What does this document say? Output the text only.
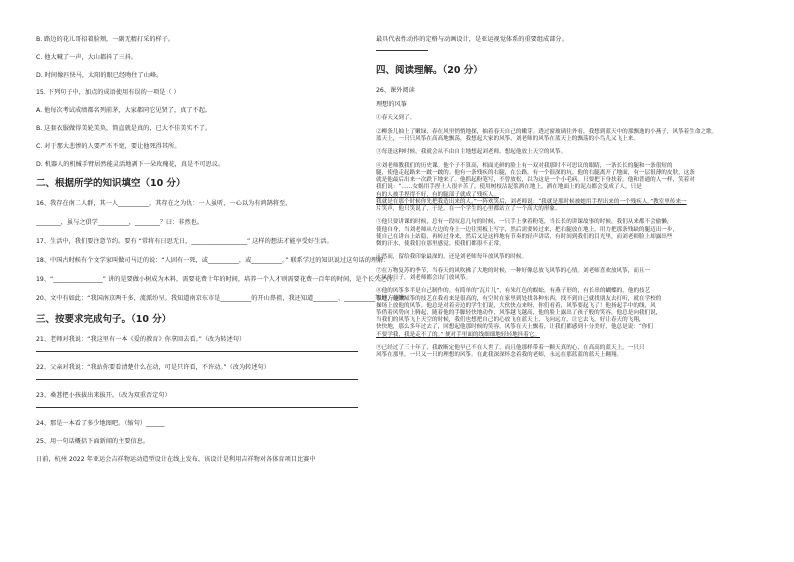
B. 路边的花儿哥招着脸颊，一副无精打采的样子。
C. 他大喊了一声，大山都抖了三抖。
D. 时间像匹快马，太阳的眼已经吻住了山峰。
15. 下列句子中，加点的成语使用有误的一项是（ ）
A. 他每次考试成绩都名列前茅，大家都同它见贤了，真了不起。
B. 这套衣服做得美轮美奂，简直就是真的，已大不佳美实不了。
C. 对于那大悲惨的人要严丕不宽，要让他死得其所。
D. 机器人的机械手臂居然能灵活地剥下一朵玫瑰花，真是不可思议。
二、根据所学的知识填空（10 分）
16、我存在南二人群，其一人__________，其存在之为仇：一人虽听，一心以为有鸿鹄将至，
________，虽与之俱学__________，________？曰：非然也。
17、生活中，我们要注意节约。要有 “常将有日思无日，__________________” 这样的想法才能享受好生活。
18、中国古时候有个文学家叫做司马迁的说：“人固有一死，或__________，或__________。” 联系学过的知识说过这句话的理解：
19、“________________” 讲的是要做小树成为木料，需要花费十年的时间，培养一个人才则需要花费一百年的时间，是个长久之计。
20、文中有如此：“我国南京两千多，流派纷呈。我知道南京东市是__________的开山鼻祖，我还知道________、__________等地方剧种。
三、按要求完成句子。（10 分）
21、老师对我说：“我这里有一本《爱的教育》你拿回去看。”（改为转述句）
22、父亲对我说：“我站你要看清楚什么在动，可是只许看，不许动。”（改为转述句）
23、桑葚把小孩拔出来拔开。（改为双重否定句）
24、那是一本看了多少地图吧。（缩句）______
25、用一句话概括下面新闻的主要信息。
日前，杭州 2022 年亚运会吉祥物运动造型设计在线上发布，该设计是利用吉祥物对各体育项目比赛中
最具代表性动作的定格与动画设计，是亚运视觉体系的重要组成部分。
四、阅读理解。（20 分）
26、课外阅读
理想的风筝
①春天又到了。
②柳条儿抽上了嫩绿，春在风里悄悄地探，抽着春天自己的嫩芽。透过窗玻璃往外看，我想到蓝天中的那飘逸的小燕子，风筝着生命之歌。
蓝天上，一只只风筝在高高地飘荡，我想起大家的风筝，刘老师的风筝在蓝天上的飘荡的小鸟儿又飞上来。
③每逢这种时候，我就会从不由自主地想起刘老师，想起他放上天空的风筝。
④刘老师教我们的历史课。他个子不算高，相面光鲜的脸上有一双对我那时不可思议的眼睛，一条长长的腿和一条很短的
腿，使他走起路来一跛一跛的。他有一条残疾的右腿，在公路，有一个很深的坑。他的右腿离开了地面，有一层很薄的皮肤，这条
就是他最后出来一次跌下地来了。他抓起粉笔写，不曾放松，以为这是一个小毛病。只要把下身扶着。他和普通的人一样，笑着对
我们说：“……女娲用手捏土人很辛苦了，使用树枝沾泥浆洒在地上，洒在地面上的泥点都会变成了人，只是
有的人被手捏得不好，有的腿部子就成了残疾人。
我就是在那个时候你先把我造出来的人。”一阵欢笑后，刘老师说：“我就是那时候被她用手捏出来的一个残疾人。”教室里传来一
片笑声，他只笑说了，于是，在一个学生的心里都站立了一个高大的形象。
⑤他只要讲课的时候，总有一段叹息几句的时候，一只手上拿着粉笔，当长长的讲课故事的时候，我们从来都不会偷懒，
使他自身，当刘老师从左边的身上一边往黑板上写字，然后需要转过来，把右腿放在地上，用力把那条残缺的腿迈出一步，
使自己在讲台上站稳，再转过身来，然后又是这样地有节奏的轻声讲话，有时间到我们的目光里，而刘老师脸上却露出些
微的汗水，使我们在那里感觉。使我们都很不正常，
⑥然而，留给我印象最深的，还是刘老师每年放风筝的时候。
⑦在万物复苏的季节，当春天的风吹拂了大地的时候，一种好像总放飞风筝的心情。刘老师喜欢放风筝，而且一
大风的日子，刘老师都会出门放风筝。
⑧他的风筝多半是自己制作的。有简单的“瓦片儿”，有朱红色的蜈蚣，有燕子形的，有长串的蝴蝶的，他的技艺
很好，他做风筝的技艺在我看来是很高的，有空时在家里到处找各种东西，找不到自己就找朋友去打听，就在学校的
操场上放他的风筝。他总是对着旁边的学生们说，大伙快点来呀，你们看着，风筝要起飞了！他扬起手中的线，风
筝借着风势向上腾起，随着他的手脚轻快地动作，风筝越飞越高，他的脸上露出了孩子般的笑容，他总是向我们说，
当我们的风筝飞上天空的时候，我们也想把自己的心放飞在蓝天上，飞向远方，让它去飞，好让春天的飞翔，
快快地，那么多年过去了，回想起他那时候的笑容，风筝在天上飘着，让我们都感到十分美好，他总是说：“你们
不要学我，我是走不了的。” 便对手里面的线细细地轻轻地抖着它。
⑨已经过了三十年了，我敢断定他早已不在人世了，而且他那样带着一颗天真的心，在高高的蓝天上，一只只
风筝在那里，一只又一只的理想的风筝。在此我深深怀念着我的老师，永远在那蓝蓝的蓝天上翱翔。
